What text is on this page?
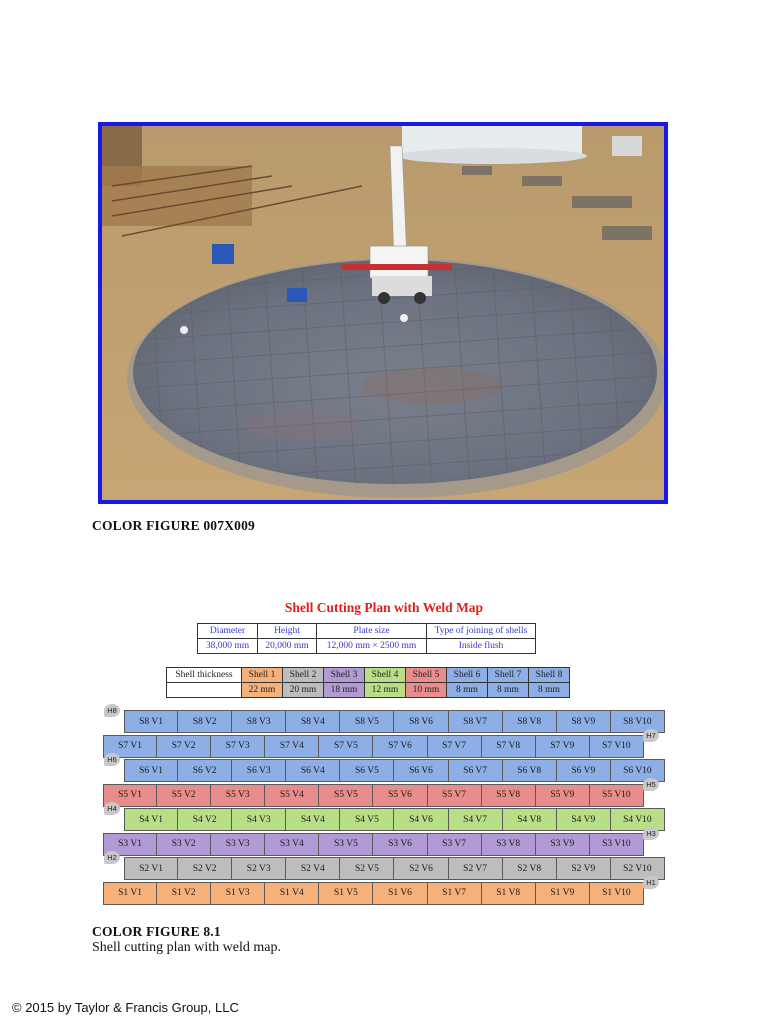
COLOR FIGURE 007X009
Shell Cutting Plan with Weld Map
Diameter	Height	Plate size	Type of joining of shells
38,000 mm	20,000 mm	12,000 mm × 2500 mm	Inside flush
Shell thickness	Shell 1	Shell 2	Shell 3	Shell 4	Shell 5	Shell 6	Shell 7	Shell 8
	22 mm	20 mm	18 mm	12 mm	10 mm	8 mm	8 mm	8 mm
S8 V1	S8 V2	S8 V3	S8 V4	S8 V5	S8 V6	S8 V7	S8 V8	S8 V9	S8 V10
H8
S7 V1	S7 V2	S7 V3	S7 V4	S7 V5	S7 V6	S7 V7	S7 V8	S7 V9	S7 V10
H7
S6 V1	S6 V2	S6 V3	S6 V4	S6 V5	S6 V6	S6 V7	S6 V8	S6 V9	S6 V10
H6
S5 V1	S5 V2	S5 V3	S5 V4	S5 V5	S5 V6	S5 V7	S5 V8	S5 V9	S5 V10
H5
S4 V1	S4 V2	S4 V3	S4 V4	S4 V5	S4 V6	S4 V7	S4 V8	S4 V9	S4 V10
H4
S3 V1	S3 V2	S3 V3	S3 V4	S3 V5	S3 V6	S3 V7	S3 V8	S3 V9	S3 V10
H3
S2 V1	S2 V2	S2 V3	S2 V4	S2 V5	S2 V6	S2 V7	S2 V8	S2 V9	S2 V10
H2
S1 V1	S1 V2	S1 V3	S1 V4	S1 V5	S1 V6	S1 V7	S1 V8	S1 V9	S1 V10
H1
COLOR FIGURE 8.1
Shell cutting plan with weld map.
© 2015 by Taylor & Francis Group, LLC
